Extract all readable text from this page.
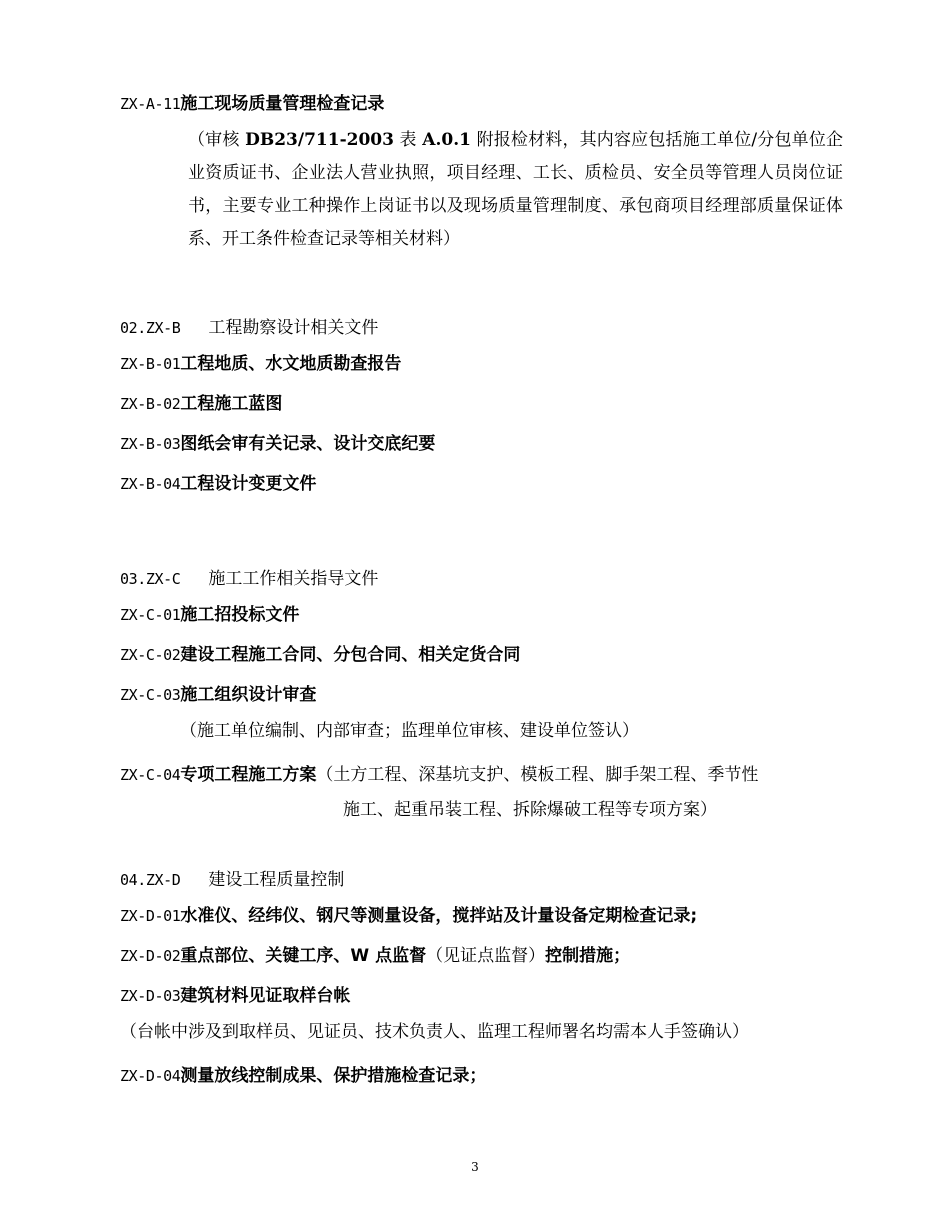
ZX-A-11施工现场质量管理检查记录
（审核 DB23/711-2003 表 A.0.1 附报检材料，其内容应包括施工单位/分包单位企业资质证书、企业法人营业执照，项目经理、工长、质检员、安全员等管理人员岗位证书，主要专业工种操作上岗证书以及现场质量管理制度、承包商项目经理部质量保证体系、开工条件检查记录等相关材料）
02.ZX-B 工程勘察设计相关文件
ZX-B-01工程地质、水文地质勘查报告
ZX-B-02工程施工蓝图
ZX-B-03图纸会审有关记录、设计交底纪要
ZX-B-04工程设计变更文件
03.ZX-C 施工工作相关指导文件
ZX-C-01施工招投标文件
ZX-C-02建设工程施工合同、分包合同、相关定货合同
ZX-C-03施工组织设计审查
（施工单位编制、内部审查；监理单位审核、建设单位签认）
ZX-C-04专项工程施工方案（土方工程、深基坑支护、模板工程、脚手架工程、季节性
施工、起重吊装工程、拆除爆破工程等专项方案）
04.ZX-D 建设工程质量控制
ZX-D-01水准仪、经纬仪、钢尺等测量设备，搅拌站及计量设备定期检查记录;
ZX-D-02重点部位、关键工序、W 点监督（见证点监督）控制措施；
ZX-D-03建筑材料见证取样台帐
（台帐中涉及到取样员、见证员、技术负责人、监理工程师署名均需本人手签确认）
ZX-D-04测量放线控制成果、保护措施检查记录；
3
